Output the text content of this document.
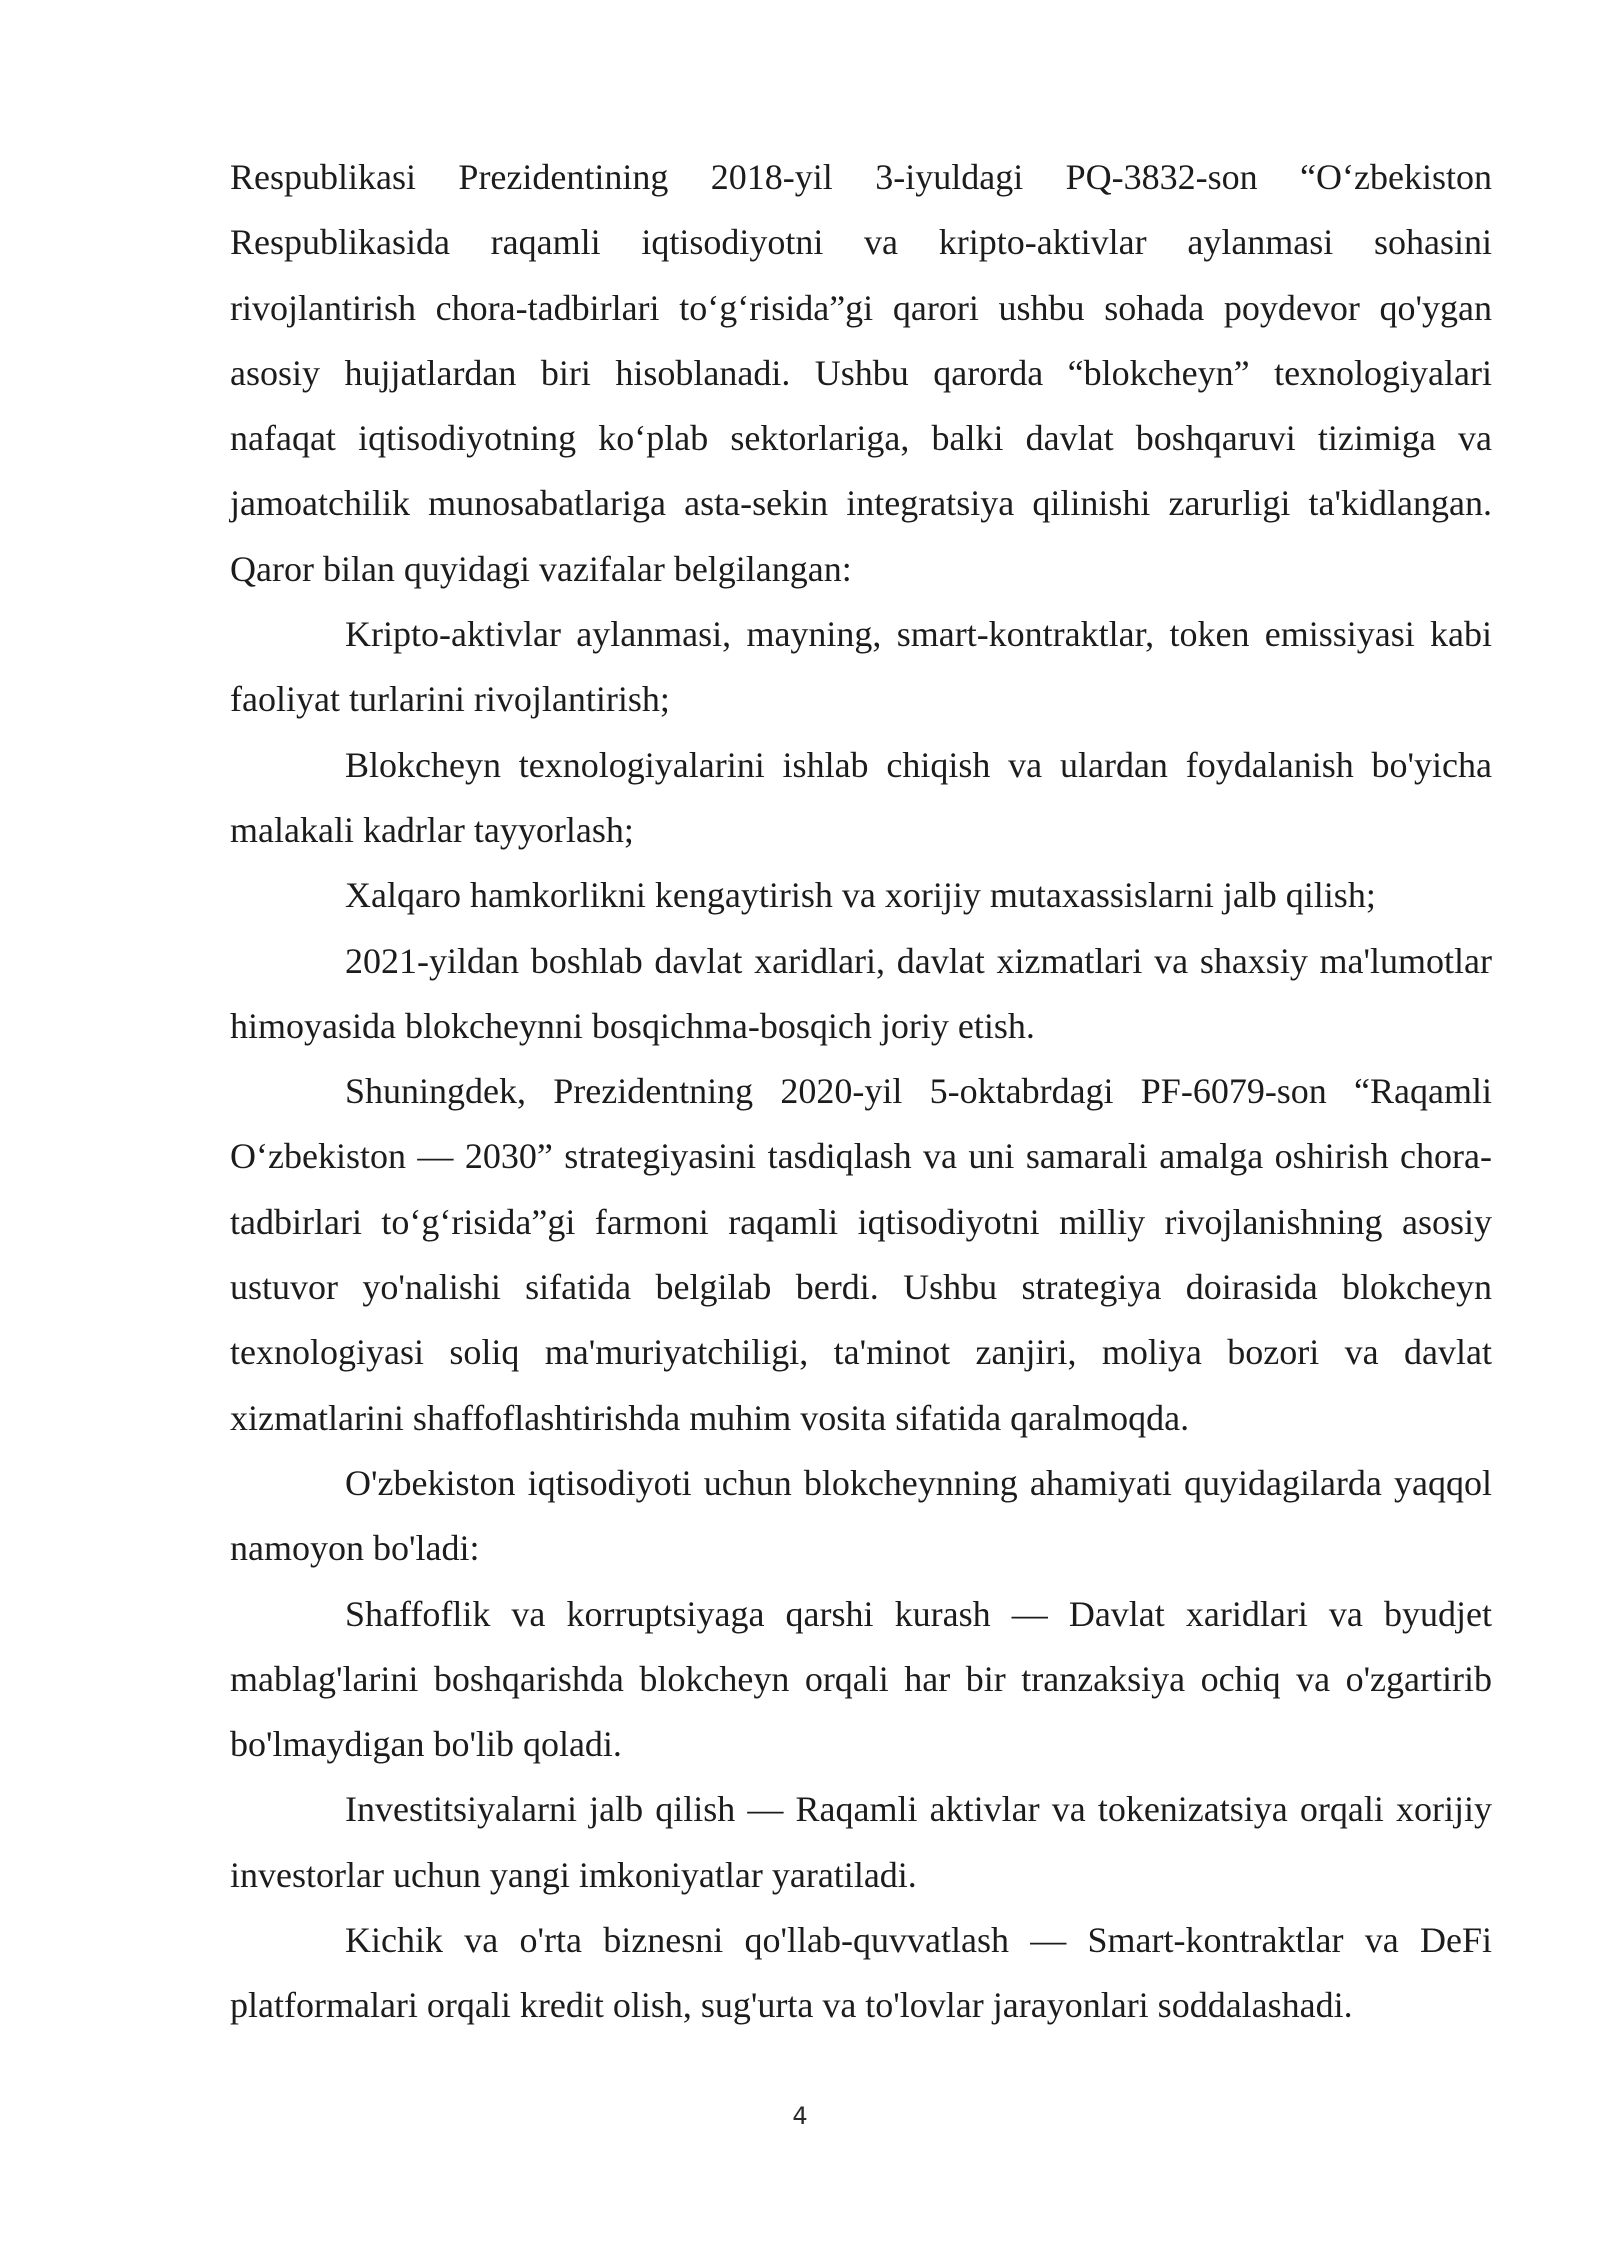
Respublikasi Prezidentining 2018-yil 3-iyuldagi PQ-3832-son “O‘zbekiston Respublikasida raqamli iqtisodiyotni va kripto-aktivlar aylanmasi sohasini rivojlantirish chora-tadbirlari to‘g‘risida”gi qarori ushbu sohada poydevor qo'ygan asosiy hujjatlardan biri hisoblanadi. Ushbu qarorda “blokcheyn” texnologiyalari nafaqat iqtisodiyotning ko‘plab sektorlariga, balki davlat boshqaruvi tizimiga va jamoatchilik munosabatlariga asta-sekin integratsiya qilinishi zarurligi ta'kidlangan. Qaror bilan quyidagi vazifalar belgilangan:

Kripto-aktivlar aylanmasi, mayning, smart-kontraktlar, token emissiyasi kabi faoliyat turlarini rivojlantirish;

Blokcheyn texnologiyalarini ishlab chiqish va ulardan foydalanish bo'yicha malakali kadrlar tayyorlash;

Xalqaro hamkorlikni kengaytirish va xorijiy mutaxassislarni jalb qilish;

2021-yildan boshlab davlat xaridlari, davlat xizmatlari va shaxsiy ma'lumotlar himoyasida blokcheynni bosqichma-bosqich joriy etish.

Shuningdek, Prezidentning 2020-yil 5-oktabrdagi PF-6079-son “Raqamli O‘zbekiston — 2030” strategiyasini tasdiqlash va uni samarali amalga oshirish chora-tadbirlari to‘g‘risida”gi farmoni raqamli iqtisodiyotni milliy rivojlanishning asosiy ustuvor yo'nalishi sifatida belgilab berdi. Ushbu strategiya doirasida blokcheyn texnologiyasi soliq ma'muriyatchiligi, ta'minot zanjiri, moliya bozori va davlat xizmatlarini shaffoflashtirishda muhim vosita sifatida qaralmoqda.

O'zbekiston iqtisodiyoti uchun blokcheynning ahamiyati quyidagilarda yaqqol namoyon bo'ladi:

Shaffoflik va korruptsiyaga qarshi kurash — Davlat xaridlari va byudjet mablag'larini boshqarishda blokcheyn orqali har bir tranzaksiya ochiq va o'zgartirib bo'lmaydigan bo'lib qoladi.

Investitsiyalarni jalb qilish — Raqamli aktivlar va tokenizatsiya orqali xorijiy investorlar uchun yangi imkoniyatlar yaratiladi.

Kichik va o'rta biznesni qo'llab-quvvatlash — Smart-kontraktlar va DeFi platformalari orqali kredit olish, sug'urta va to'lovlar jarayonlari soddalashadi.

4
